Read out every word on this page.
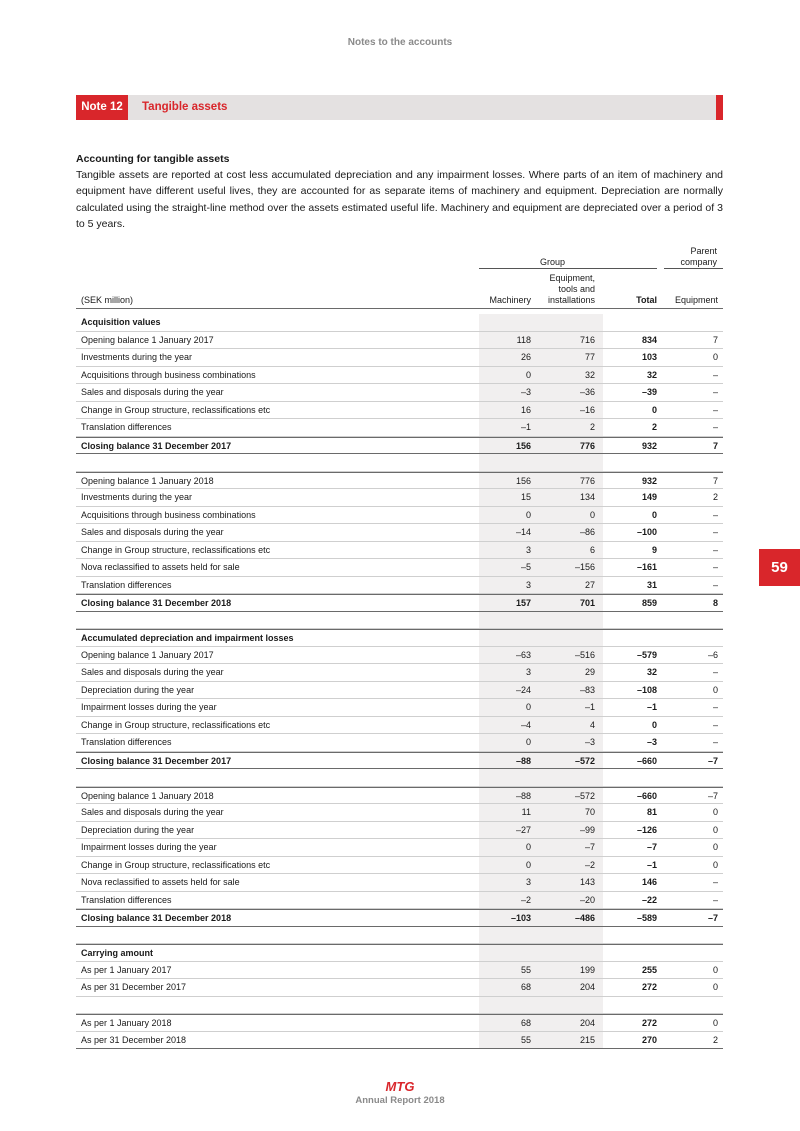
Notes to the accounts
Note 12	Tangible assets
Accounting for tangible assets
Tangible assets are reported at cost less accumulated depreciation and any impairment losses. Where parts of an item of machinery and equipment have different useful lives, they are accounted for as separate items of machinery and equipment. Depreciation are normally calculated using the straight-line method over the assets estimated useful life. Machinery and equipment are depreciated over a period of 3 to 5 years.
59
Group
Parent
company
(SEK million)	Machinery
Equipment,
tools and
installations	Total	Equipment
Acquisition values
Opening balance 1 January 2017	118	716	834	7
Investments during the year	26	77	103	0
Acquisitions through business combinations	0	32	32	–
Sales and disposals during the year	–3	–36	–39	–
Change in Group structure, reclassifications etc	16	–16	0	–
Translation differences	–1	2	2	–
Closing balance 31 December 2017	156	776	932	7
Opening balance 1 January 2018	156	776	932	7
Investments during the year	15	134	149	2
Acquisitions through business combinations	0	0	0	–
Sales and disposals during the year	–14	–86	–100	–
Change in Group structure, reclassifications etc	3	6	9	–
Nova reclassified to assets held for sale	–5	–156	–161	–
Translation differences	3	27	31	–
Closing balance 31 December 2018	157	701	859	8
Accumulated depreciation and impairment losses
Opening balance 1 January 2017	–63	–516	–579	–6
Sales and disposals during the year	3	29	32	–
Depreciation during the year	–24	–83	–108	0
Impairment losses during the year	0	–1	–1	–
Change in Group structure, reclassifications etc	–4	4	0	–
Translation differences	0	–3	–3	–
Closing balance 31 December 2017	–88	–572	–660	–7
Opening balance 1 January 2018	–88	–572	–660	–7
Sales and disposals during the year	11	70	81	0
Depreciation during the year	–27	–99	–126	0
Impairment losses during the year	0	–7	–7	0
Change in Group structure, reclassifications etc	0	–2	–1	0
Nova reclassified to assets held for sale	3	143	146	–
Translation differences	–2	–20	–22	–
Closing balance 31 December 2018	–103	–486	–589	–7
Carrying amount
As per 1 January 2017	55	199	255	0
As per 31 December 2017	68	204	272	0
As per 1 January 2018	68	204	272	0
As per 31 December 2018	55	215	270	2
MTG
Annual Report 2018
